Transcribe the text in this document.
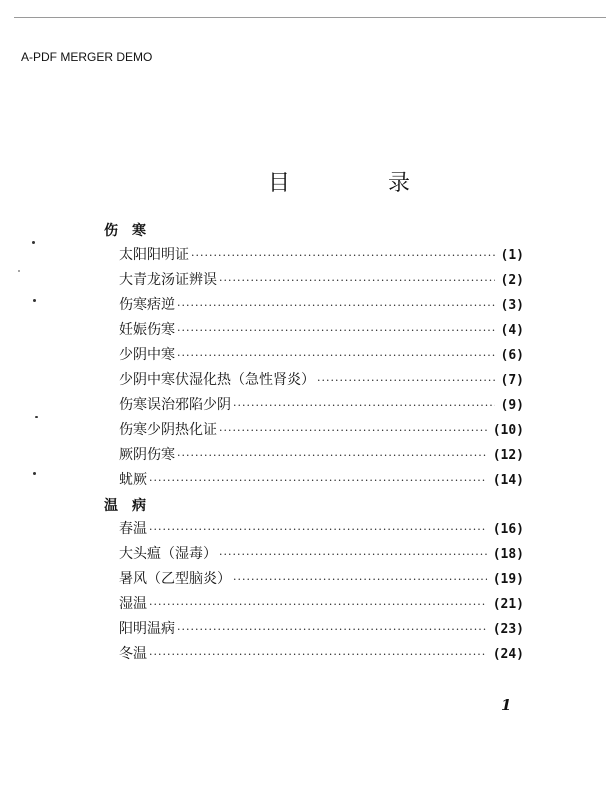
A-PDF MERGER DEMO
目　录
伤寒
温病
太阳阳明证 ·····	(1)
大青龙汤证辨误 ·····	(2)
伤寒痞逆 ·····	(3)
妊娠伤寒 ·····	(4)
少阴中寒 ·····	(6)
少阴中寒伏湿化热（急性肾炎） ·····	(7)
伤寒误治邪陷少阴 ·····	(9)
伤寒少阴热化证 ·····	(10)
厥阴伤寒 ·····	(12)
蚘厥 ·····	(14)
春温 ·····	(16)
大头瘟（湿毒） ·····	(18)
暑风（乙型脑炎） ·····	(19)
湿温 ·····	(21)
阳明温病 ·····	(23)
冬温 ·····	(24)
1
